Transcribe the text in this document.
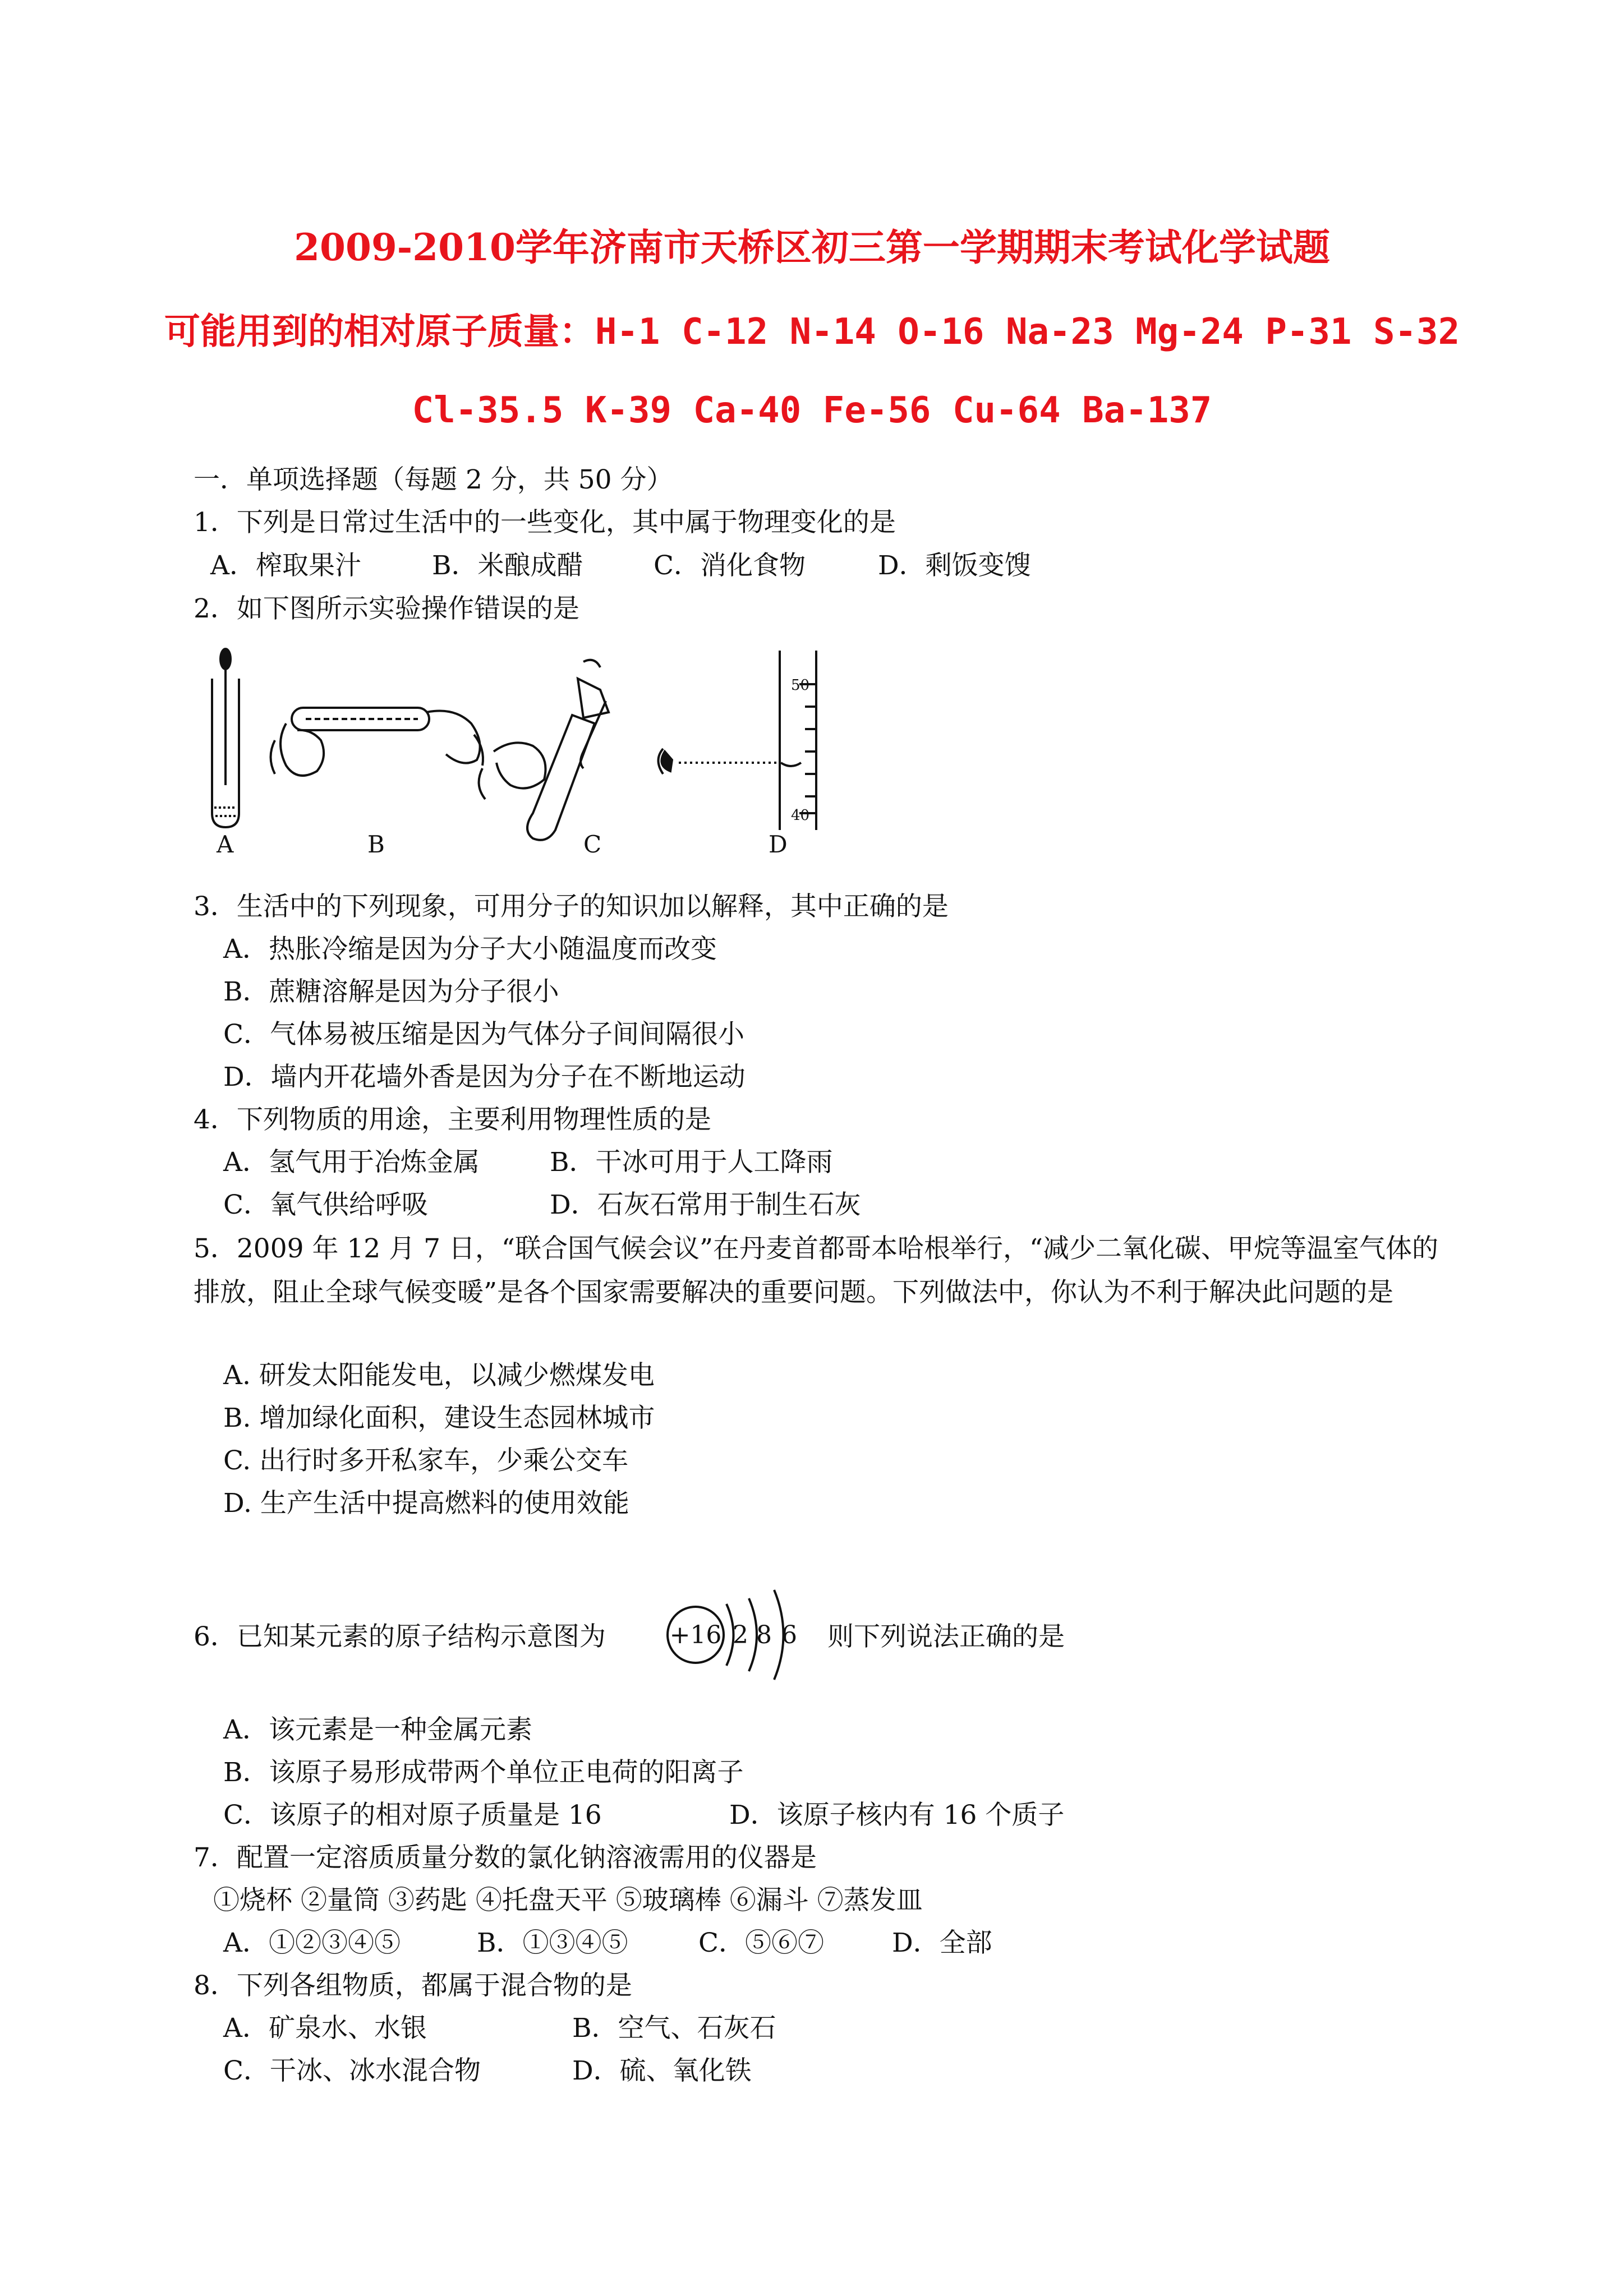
2009-2010学年济南市天桥区初三第一学期期末考试化学试题
可能用到的相对原子质量：H-1 C-12 N-14 O-16 Na-23 Mg-24 P-31 S-32
Cl-35.5 K-39 Ca-40 Fe-56 Cu-64 Ba-137
一．单项选择题（每题 2 分，共 50 分）
1．下列是日常过生活中的一些变化，其中属于物理变化的是
A．榨取果汁	B．米酿成醋	C．消化食物	D．剩饭变馊
2．如下图所示实验操作错误的是
A	B	C	D
50
40
3．生活中的下列现象，可用分子的知识加以解释，其中正确的是
A．热胀冷缩是因为分子大小随温度而改变
B．蔗糖溶解是因为分子很小
C．气体易被压缩是因为气体分子间间隔很小
D．墙内开花墙外香是因为分子在不断地运动
4．下列物质的用途，主要利用物理性质的是
A．氢气用于冶炼金属	B．干冰可用于人工降雨
C．氧气供给呼吸	D．石灰石常用于制生石灰
5．2009 年 12 月 7 日，“联合国气候会议”在丹麦首都哥本哈根举行，“减少二氧化碳、甲烷等温室气体的排放，阻止全球气候变暖”是各个国家需要解决的重要问题。下列做法中，你认为不利于解决此问题的是
A. 研发太阳能发电，以减少燃煤发电
B. 增加绿化面积，建设生态园林城市
C. 出行时多开私家车，少乘公交车
D. 生产生活中提高燃料的使用效能
6．已知某元素的原子结构示意图为	+16 2 8 6 则下列说法正确的是
A．该元素是一种金属元素
B．该原子易形成带两个单位正电荷的阳离子
C．该原子的相对原子质量是 16	D．该原子核内有 16 个质子
7．配置一定溶质质量分数的氯化钠溶液需用的仪器是
①烧杯 ②量筒 ③药匙 ④托盘天平 ⑤玻璃棒 ⑥漏斗 ⑦蒸发皿
A．①②③④⑤	B．①③④⑤	C．⑤⑥⑦	D．全部
8．下列各组物质，都属于混合物的是
A．矿泉水、水银	B．空气、石灰石
C．干冰、冰水混合物	D．硫、氧化铁
